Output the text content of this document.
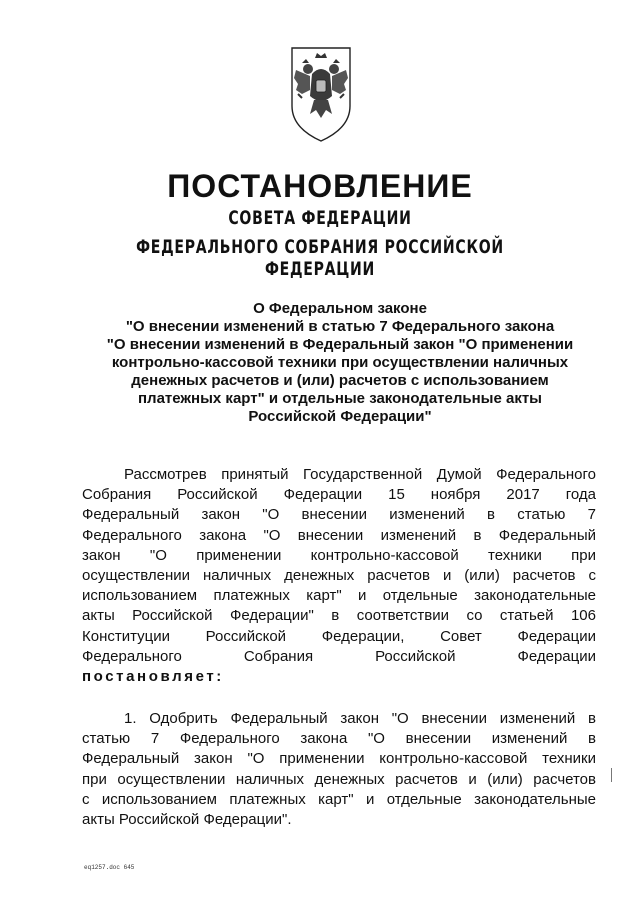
ПОСТАНОВЛЕНИЕ
СОВЕТА ФЕДЕРАЦИИ
ФЕДЕРАЛЬНОГО СОБРАНИЯ РОССИЙСКОЙ ФЕДЕРАЦИИ
О Федеральном законе
"О внесении изменений в статью 7 Федерального закона
"О внесении изменений в Федеральный закон "О применении
контрольно-кассовой техники при осуществлении наличных
денежных расчетов и (или) расчетов с использованием
платежных карт" и отдельные законодательные акты
Российской Федерации"
Рассмотрев принятый Государственной Думой Федерального
Собрания Российской Федерации 15 ноября 2017 года
Федеральный закон "О внесении изменений в статью 7
Федерального закона "О внесении изменений в Федеральный
закон "О применении контрольно-кассовой техники при
осуществлении наличных денежных расчетов и (или) расчетов с
использованием платежных карт" и отдельные законодательные
акты Российской Федерации" в соответствии со статьей 106
Конституции Российской Федерации, Совет Федерации
Федерального Собрания Российской Федерации
постановляет:
1. Одобрить Федеральный закон "О внесении изменений в
статью 7 Федерального закона "О внесении изменений в
Федеральный закон "О применении контрольно-кассовой техники
при осуществлении наличных денежных расчетов и (или) расчетов
с использованием платежных карт" и отдельные законодательные
акты Российской Федерации".
eq1257.doc 645
